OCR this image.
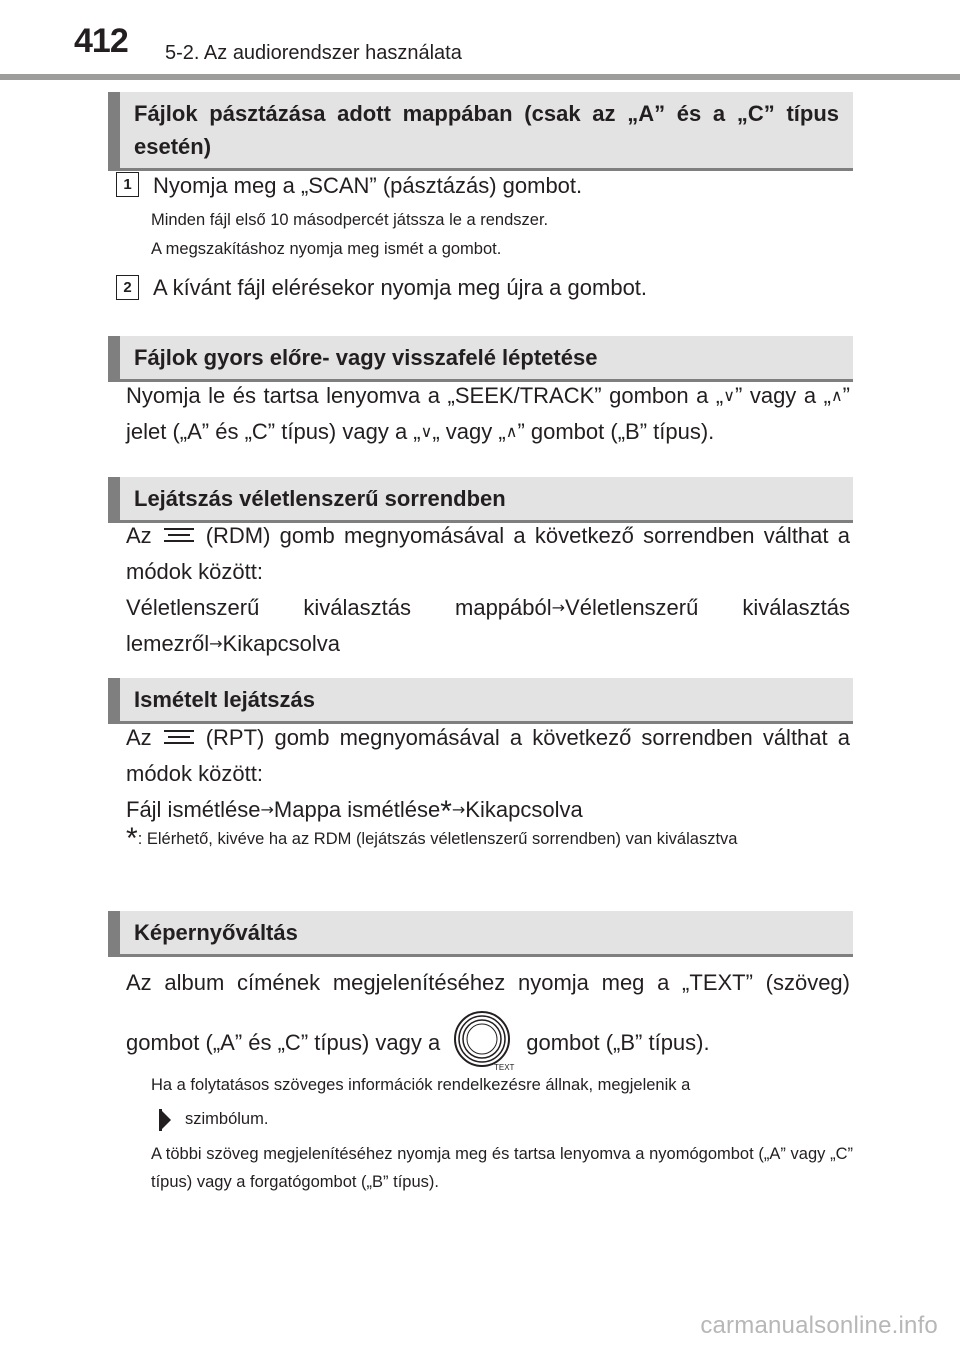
412 5-2. Az audiorendszer használata
Fájlok pásztázása adott mappában (csak az „A” és a „C” típus esetén)
1 Nyomja meg a „SCAN” (pásztázás) gombot.
Minden fájl első 10 másodpercét játssza le a rendszer.
A megszakításhoz nyomja meg ismét a gombot.
2 A kívánt fájl elérésekor nyomja meg újra a gombot.
Fájlok gyors előre- vagy visszafelé léptetése
Nyomja le és tartsa lenyomva a „SEEK/TRACK” gombon a „∨” vagy a „∧” jelet („A” és „C” típus) vagy a „∨„ vagy „∧” gombot („B” típus).
Lejátszás véletlenszerű sorrendben
Az (RDM) gomb megnyomásával a következő sorrendben válthat a módok között:
Véletlenszerű kiválasztás mappából→Véletlenszerű kiválasztás lemezről→Kikapcsolva
Ismételt lejátszás
Az (RPT) gomb megnyomásával a következő sorrendben válthat a módok között:
Fájl ismétlése→Mappa ismétlése*→Kikapcsolva
*: Elérhető, kivéve ha az RDM (lejátszás véletlenszerű sorrendben) van kiválasztva
Képernyőváltás
Az album címének megjelenítéséhez nyomja meg a „TEXT” (szöveg) gombot („A” és „C” típus) vagy a
TEXT
gombot („B” típus).
Ha a folytatásos szöveges információk rendelkezésre állnak, megjelenik a
szimbólum.
A többi szöveg megjelenítéséhez nyomja meg és tartsa lenyomva a nyomógombot („A” vagy „C” típus) vagy a forgatógombot („B” típus).
carmanualsonline.info
